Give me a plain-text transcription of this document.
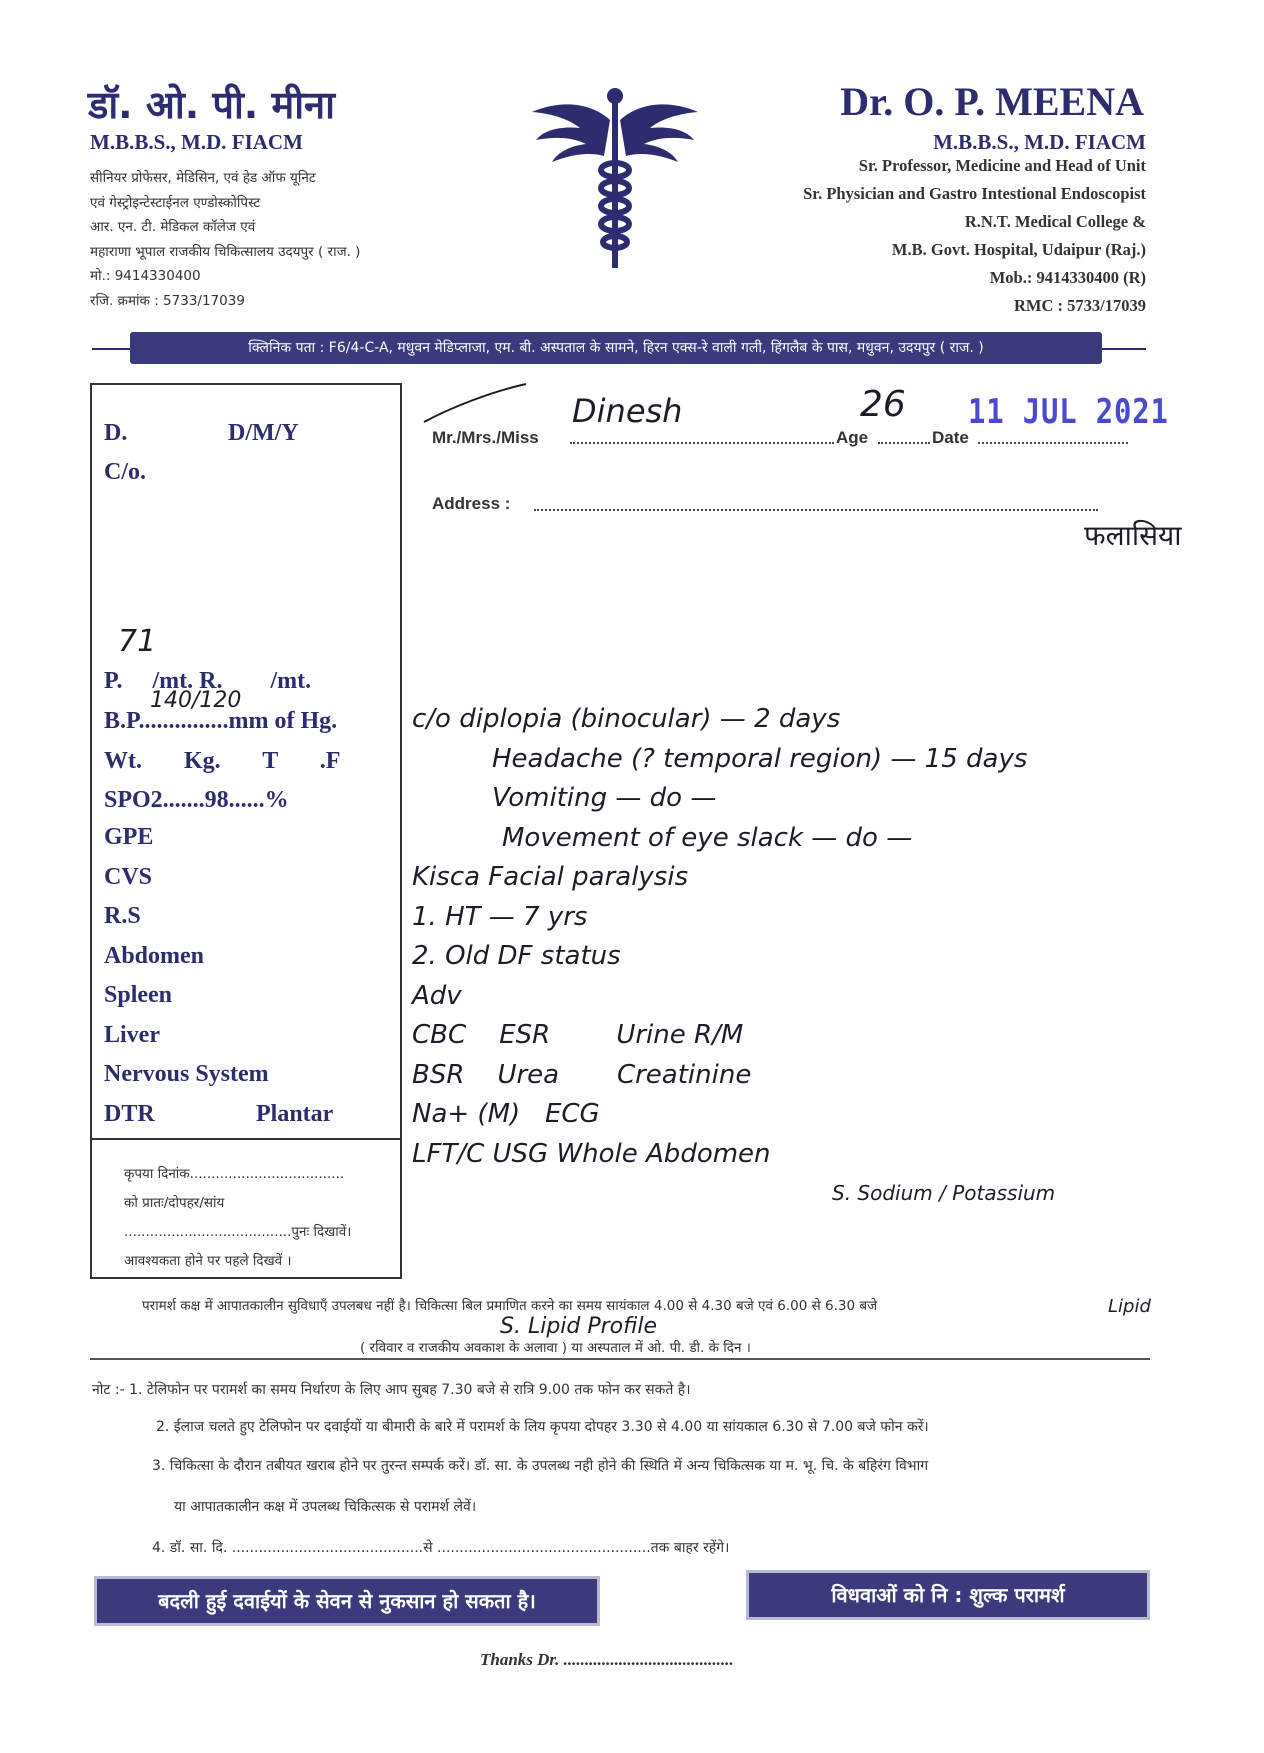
डॉ. ओ. पी. मीना
M.B.B.S., M.D. FIACM
सीनियर प्रोफेसर, मेडिसिन, एवं हेड ऑफ यूनिट
एवं गेस्ट्रोइन्टेस्टाईनल एण्डोस्कोपिस्ट
आर. एन. टी. मेडिकल कॉलेज एवं
महाराणा भूपाल राजकीय चिकित्सालय उदयपुर ( राज. )
मो.: 9414330400
रजि. क्रमांक : 5733/17039
Dr. O. P. MEENA
M.B.B.S., M.D. FIACM
Sr. Professor, Medicine and Head of Unit
Sr. Physician and Gastro Intestional Endoscopist
R.N.T. Medical College &
M.B. Govt. Hospital, Udaipur (Raj.)
Mob.: 9414330400 (R)
RMC : 5733/17039
क्लिनिक पता : F6/4-C-A, मधुवन मेडिप्लाजा, एम. बी. अस्पताल के सामने, हिरन एक्स-रे वाली गली, हिंगलैब के पास, मधुवन, उदयपुर ( राज. )
D.	D/M/Y
C/o.
71
P.     /mt. R.        /mt.
140/120
B.P...............mm of Hg.
Wt.       Kg.       T       .F
SPO2.......98......%
GPE
CVS
R.S
Abdomen
Spleen
Liver
Nervous System
DTR	Plantar
कृपया दिनांक....................................
को प्रातः/दोपहर/सांय
.......................................पुनः दिखावें।
आवश्यकता होने पर पहले दिखवें ।
Mr./Mrs./Miss	Age	Date
Dinesh	26 11 JUL 2021
Address :
फलासिया
c/o diplopia (binocular) — 2 days
Headache (? temporal region) — 15 days
Vomiting — do —
Movement of eye slack — do —
Kisca Facial paralysis
1. HT — 7 yrs
2. Old DF status
Adv
CBC    ESR        Urine R/M
BSR    Urea       Creatinine
Na+ (M)   ECG
LFT/C USG Whole Abdomen
S. Sodium / Potassium
S. Lipid Profile
Lipid
परामर्श कक्ष में आपातकालीन सुविधाएँ उपलबध नहीं है। चिकित्सा बिल प्रमाणित करने का समय सायंकाल 4.00 से 4.30 बजे एवं 6.00 से 6.30 बजे
( रविवार व राजकीय अवकाश के अलावा ) या अस्पताल में ओ. पी. डी. के दिन ।
नोट :- 1. टेलिफोन पर परामर्श का समय निर्धारण के लिए आप सुबह 7.30 बजे से रात्रि 9.00 तक फोन कर सकते है।
2. ईलाज चलते हुए टेलिफोन पर दवाईयों या बीमारी के बारे में परामर्श के लिय कृपया दोपहर 3.30 से 4.00 या सांयकाल 6.30 से 7.00 बजे फोन करें।
3. चिकित्सा के दौरान तबीयत खराब होने पर तुरन्त सम्पर्क करें। डॉ. सा. के उपलब्ध नही होने की स्थिति में अन्य चिकित्सक या म. भू. चि. के बहिरंग विभाग
या आपातकालीन कक्ष में उपलब्ध चिकित्सक से परामर्श लेवें।
4. डॉ. सा. दि. ...........................................से ................................................तक बाहर रहेंगे।
बदली हुई दवाईयों के सेवन से नुकसान हो सकता है।	विधवाओं को नि : शुल्क परामर्श
Thanks Dr. ........................................
